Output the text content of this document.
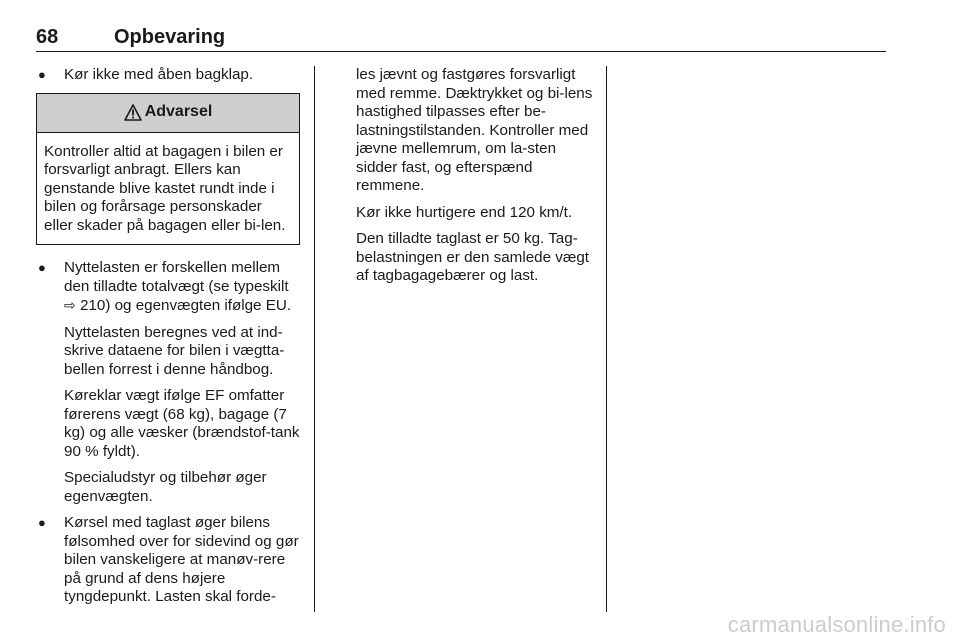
68	Opbevaring
● Kør ikke med åben bagklap.
Advarsel
Kontroller altid at bagagen i bilen er forsvarligt anbragt. Ellers kan genstande blive kastet rundt inde i bilen og forårsage personskader eller skader på bagagen eller bi-len.
● Nyttelasten er forskellen mellem den tilladte totalvægt (se typeskilt ⇨ 210) og egenvægten ifølge EU.
Nyttelasten beregnes ved at ind-skrive dataene for bilen i vægtta-bellen forrest i denne håndbog.
Køreklar vægt ifølge EF omfatter førerens vægt (68 kg), bagage (7 kg) og alle væsker (brændstof-tank 90 % fyldt).
Specialudstyr og tilbehør øger egenvægten.
● Kørsel med taglast øger bilens følsomhed over for sidevind og gør bilen vanskeligere at manøv-rere på grund af dens højere tyngdepunkt. Lasten skal forde-
les jævnt og fastgøres forsvarligt med remme. Dæktrykket og bi-lens hastighed tilpasses efter be-lastningstilstanden. Kontroller med jævne mellemrum, om la-sten sidder fast, og efterspænd remmene.
Kør ikke hurtigere end 120 km/t.
Den tilladte taglast er 50 kg. Tag-belastningen er den samlede vægt af tagbagagebærer og last.
carmanualsonline.info
